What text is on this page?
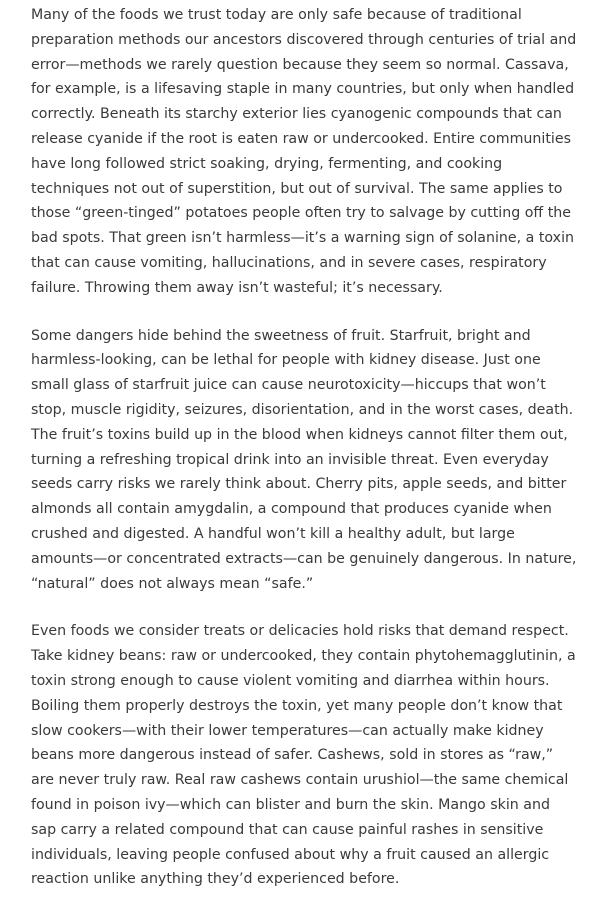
Many of the foods we trust today are only safe because of traditional preparation methods our ancestors discovered through centuries of trial and error—methods we rarely question because they seem so normal. Cassava, for example, is a lifesaving staple in many countries, but only when handled correctly. Beneath its starchy exterior lies cyanogenic compounds that can release cyanide if the root is eaten raw or undercooked. Entire communities have long followed strict soaking, drying, fermenting, and cooking techniques not out of superstition, but out of survival. The same applies to those “green-tinged” potatoes people often try to salvage by cutting off the bad spots. That green isn’t harmless—it’s a warning sign of solanine, a toxin that can cause vomiting, hallucinations, and in severe cases, respiratory failure. Throwing them away isn’t wasteful; it’s necessary.

Some dangers hide behind the sweetness of fruit. Starfruit, bright and harmless-looking, can be lethal for people with kidney disease. Just one small glass of starfruit juice can cause neurotoxicity—hiccups that won’t stop, muscle rigidity, seizures, disorientation, and in the worst cases, death. The fruit’s toxins build up in the blood when kidneys cannot filter them out, turning a refreshing tropical drink into an invisible threat. Even everyday seeds carry risks we rarely think about. Cherry pits, apple seeds, and bitter almonds all contain amygdalin, a compound that produces cyanide when crushed and digested. A handful won’t kill a healthy adult, but large amounts—or concentrated extracts—can be genuinely dangerous. In nature, “natural” does not always mean “safe.”

Even foods we consider treats or delicacies hold risks that demand respect. Take kidney beans: raw or undercooked, they contain phytohemagglutinin, a toxin strong enough to cause violent vomiting and diarrhea within hours. Boiling them properly destroys the toxin, yet many people don’t know that slow cookers—with their lower temperatures—can actually make kidney beans more dangerous instead of safer. Cashews, sold in stores as “raw,” are never truly raw. Real raw cashews contain urushiol—the same chemical found in poison ivy—which can blister and burn the skin. Mango skin and sap carry a related compound that can cause painful rashes in sensitive individuals, leaving people confused about why a fruit caused an allergic reaction unlike anything they’d experienced before.
